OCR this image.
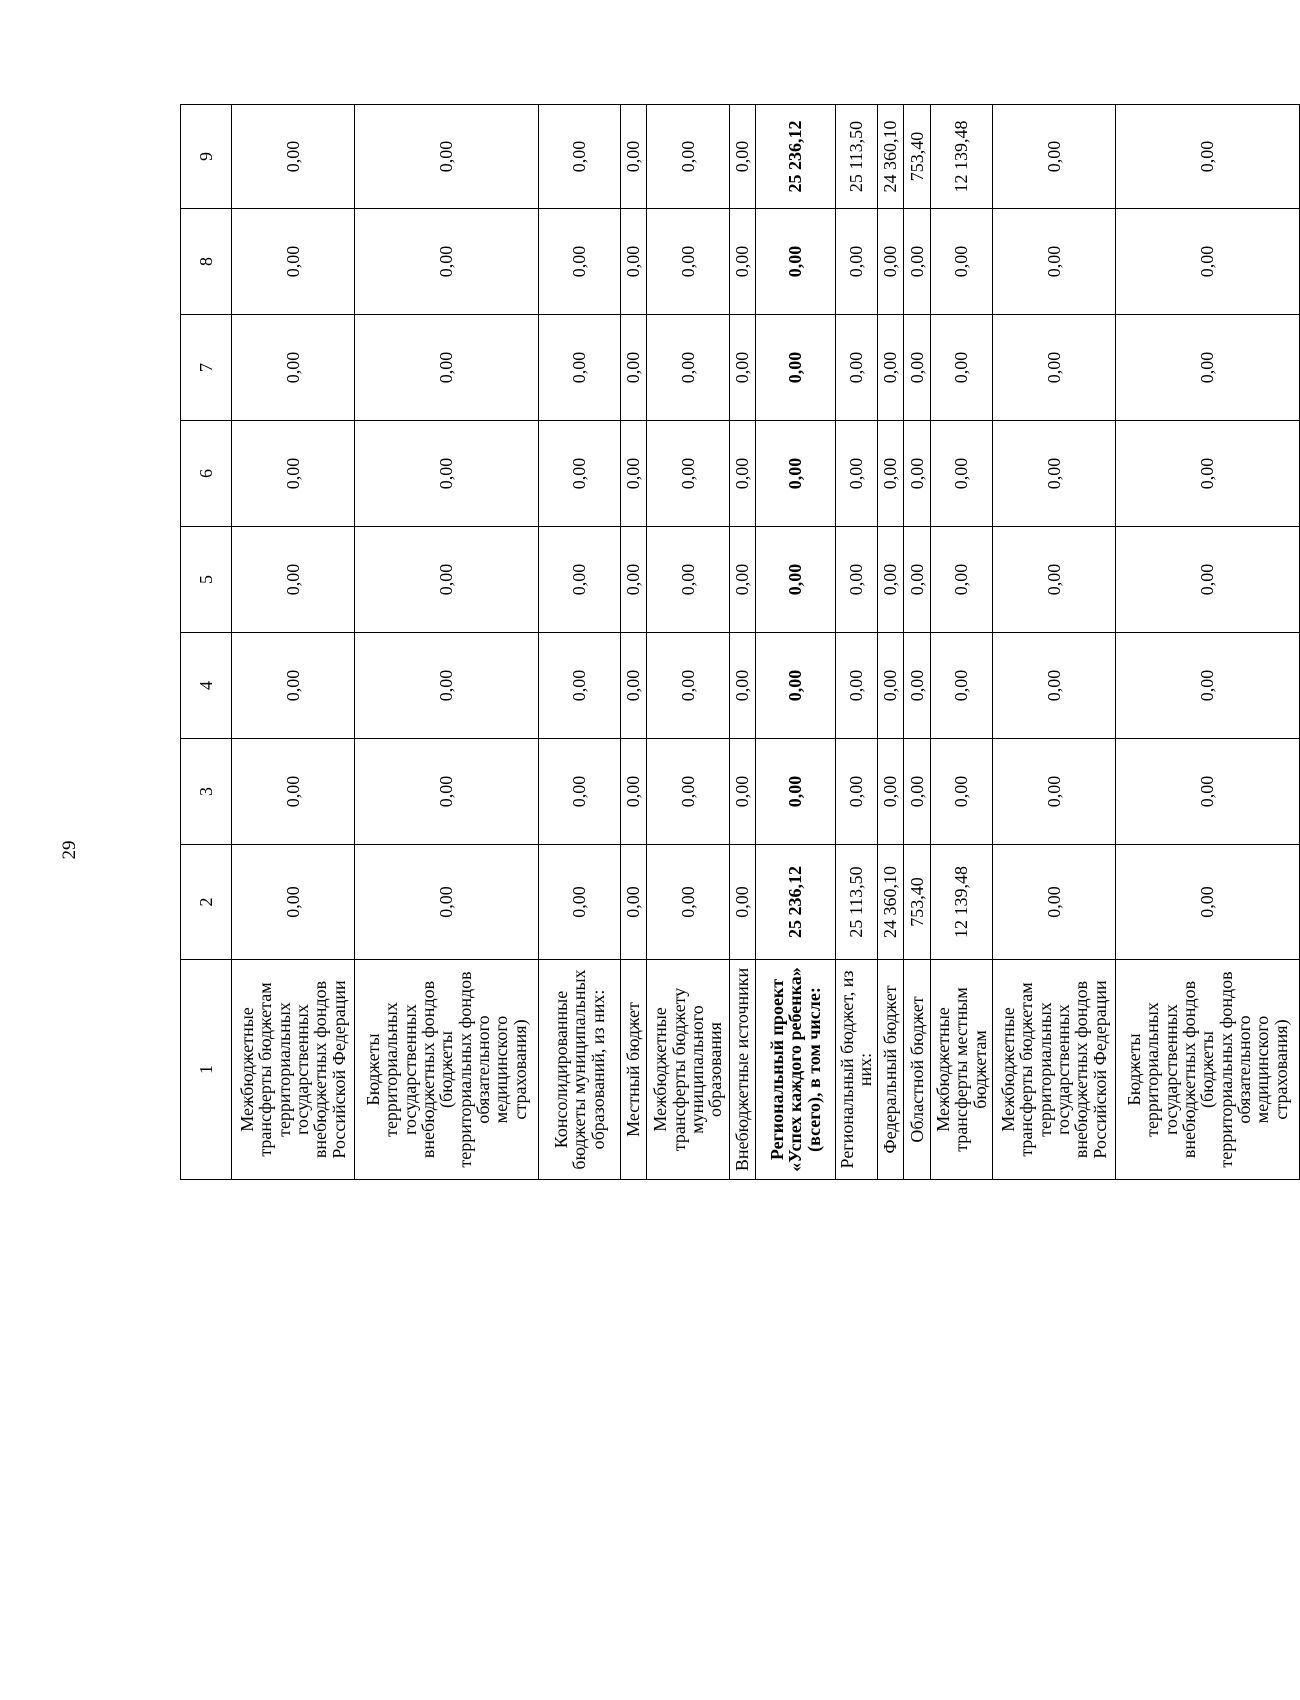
29
1	2	3	4	5	6	7	8	9
Межбюджетные трансферты бюджетам территориальных государственных внебюджетных фондов Российской Федерации	0,00	0,00	0,00	0,00	0,00	0,00	0,00	0,00
Бюджеты территориальных государственных внебюджетных фондов (бюджеты территориальных фондов обязательного медицинского страхования)	0,00	0,00	0,00	0,00	0,00	0,00	0,00	0,00
Консолидированные бюджеты муниципальных образований, из них:	0,00	0,00	0,00	0,00	0,00	0,00	0,00	0,00
Местный бюджет	0,00	0,00	0,00	0,00	0,00	0,00	0,00	0,00
Межбюджетные трансферты бюджету муниципального образования	0,00	0,00	0,00	0,00	0,00	0,00	0,00	0,00
Внебюджетные источники	0,00	0,00	0,00	0,00	0,00	0,00	0,00	0,00
Региональный проект «Успех каждого ребенка» (всего), в том числе:	25 236,12	0,00	0,00	0,00	0,00	0,00	0,00	25 236,12
Региональный бюджет, из них:	25 113,50	0,00	0,00	0,00	0,00	0,00	0,00	25 113,50
Федеральный бюджет	24 360,10	0,00	0,00	0,00	0,00	0,00	0,00	24 360,10
Областной бюджет	753,40	0,00	0,00	0,00	0,00	0,00	0,00	753,40
Межбюджетные трансферты местным бюджетам	12 139,48	0,00	0,00	0,00	0,00	0,00	0,00	12 139,48
Межбюджетные трансферты бюджетам территориальных государственных внебюджетных фондов Российской Федерации	0,00	0,00	0,00	0,00	0,00	0,00	0,00	0,00
Бюджеты территориальных государственных внебюджетных фондов (бюджеты территориальных фондов обязательного медицинского страхования)	0,00	0,00	0,00	0,00	0,00	0,00	0,00	0,00
